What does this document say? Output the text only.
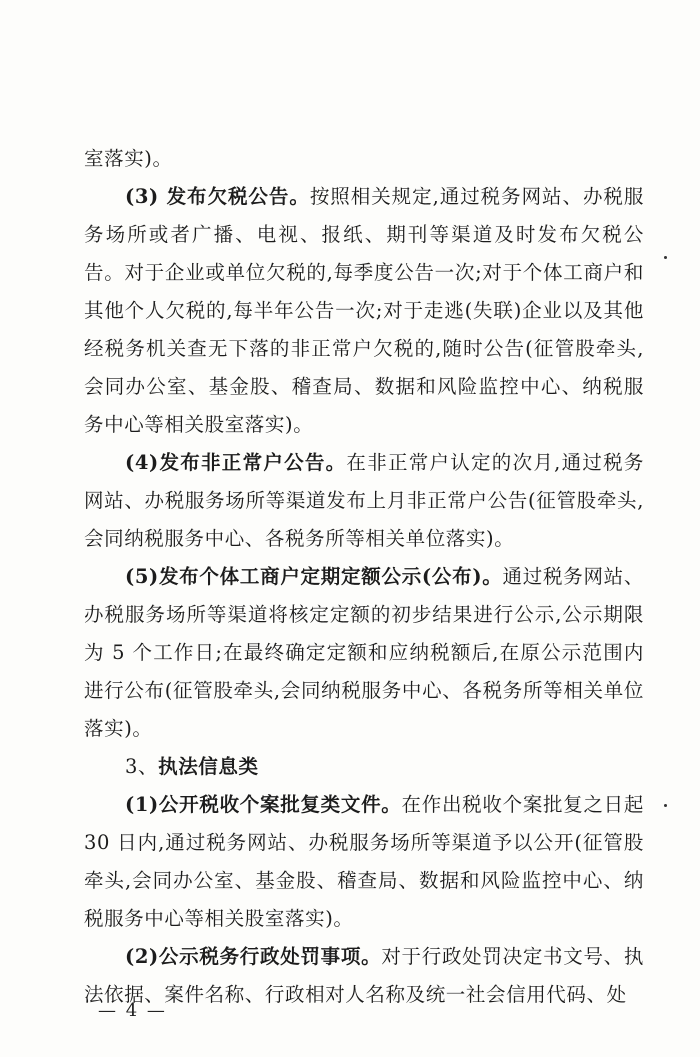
室落实)。

(3) 发布欠税公告。按照相关规定,通过税务网站、办税服务场所或者广播、电视、报纸、期刊等渠道及时发布欠税公告。对于企业或单位欠税的,每季度公告一次;对于个体工商户和其他个人欠税的,每半年公告一次;对于走逃(失联)企业以及其他经税务机关查无下落的非正常户欠税的,随时公告(征管股牵头,会同办公室、基金股、稽查局、数据和风险监控中心、纳税服务中心等相关股室落实)。

(4)发布非正常户公告。在非正常户认定的次月,通过税务网站、办税服务场所等渠道发布上月非正常户公告(征管股牵头,会同纳税服务中心、各税务所等相关单位落实)。

(5)发布个体工商户定期定额公示(公布)。通过税务网站、办税服务场所等渠道将核定定额的初步结果进行公示,公示期限为 5 个工作日;在最终确定定额和应纳税额后,在原公示范围内进行公布(征管股牵头,会同纳税服务中心、各税务所等相关单位落实)。

3、执法信息类

(1)公开税收个案批复类文件。在作出税收个案批复之日起 30 日内,通过税务网站、办税服务场所等渠道予以公开(征管股牵头,会同办公室、基金股、稽查局、数据和风险监控中心、纳税服务中心等相关股室落实)。

(2)公示税务行政处罚事项。对于行政处罚决定书文号、执法依据、案件名称、行政相对人名称及统一社会信用代码、处

— 4 —
